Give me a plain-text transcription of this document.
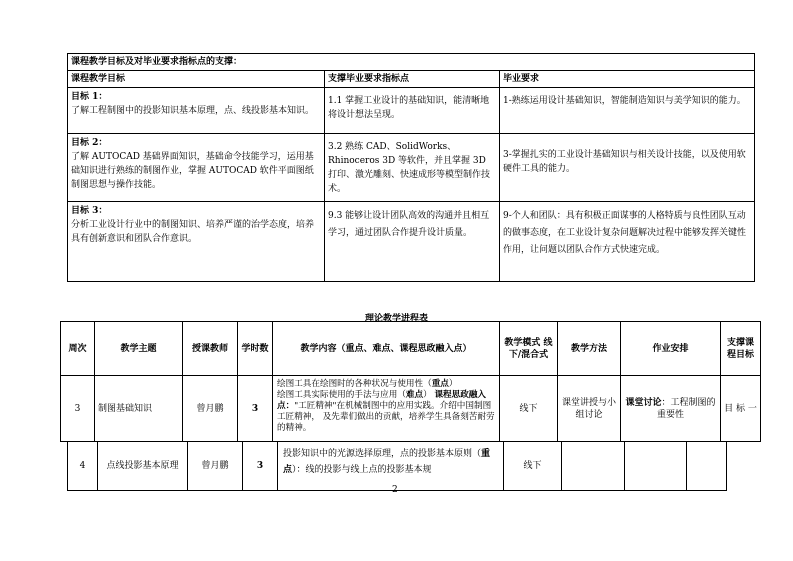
课程教学目标及对毕业要求指标点的支撑：		
课程教学目标	支撑毕业要求指标点	毕业要求

目标 1：
了解工程制图中的投影知识基本原理，点、线投影基本知识。	1.1 掌握工业设计的基础知识，能清晰地将设计想法呈现。	1-熟练运用设计基础知识，智能制造知识与美学知识的能力。

目标 2：
了解 AUTOCAD 基础界面知识，基础命令技能学习，运用基础知识进行熟练的制图作业，掌握 AUTOCAD 软件平面图纸制图思想与操作技能。	3.2 熟练 CAD、SolidWorks、Rhinoceros 3D 等软件，并且掌握 3D 打印、激光雕刻、快速成形等模型制作技术。	3-掌握扎实的工业设计基础知识与相关设计技能，以及使用软硬件工具的能力。

目标 3：
分析工业设计行业中的制图知识、培养严谨的治学态度，培养具有创新意识和团队合作意识。	9.3 能够让设计团队高效的沟通并且相互学习，通过团队合作提升设计质量。	9-个人和团队：具有积极正面谋事的人格特质与良性团队互动的做事态度，在工业设计复杂问题解决过程中能够发挥关键性作用，让问题以团队合作方式快速完成。
理论教学进程表
周次	教学主题	授课教师	学时数	教学内容（重点、难点、课程思政融入点）	教学模式 线下/混合式	教学方法	作业安排	支撑课程目标
3	制图基础知识	曾月鹏	3	绘图工具在绘图时的各种状况与使用性（重点）
绘图工具实际使用的手法与应用（难点） 课程思政融入点："工匠精神"在机械制图中的应用实践。介绍中国制图工匠精神， 及先辈们做出的贡献，培养学生具备刻苦耐劳的精神。	线下	课堂讲授与小组讨论	课堂讨论：工程制图的重要性	目 标 一
4	点线投影基本原理	曾月鹏	3	投影知识中的光源选择原理，点的投影基本原则（重点）：线的投影与线上点的投影基本规	线下			
2
